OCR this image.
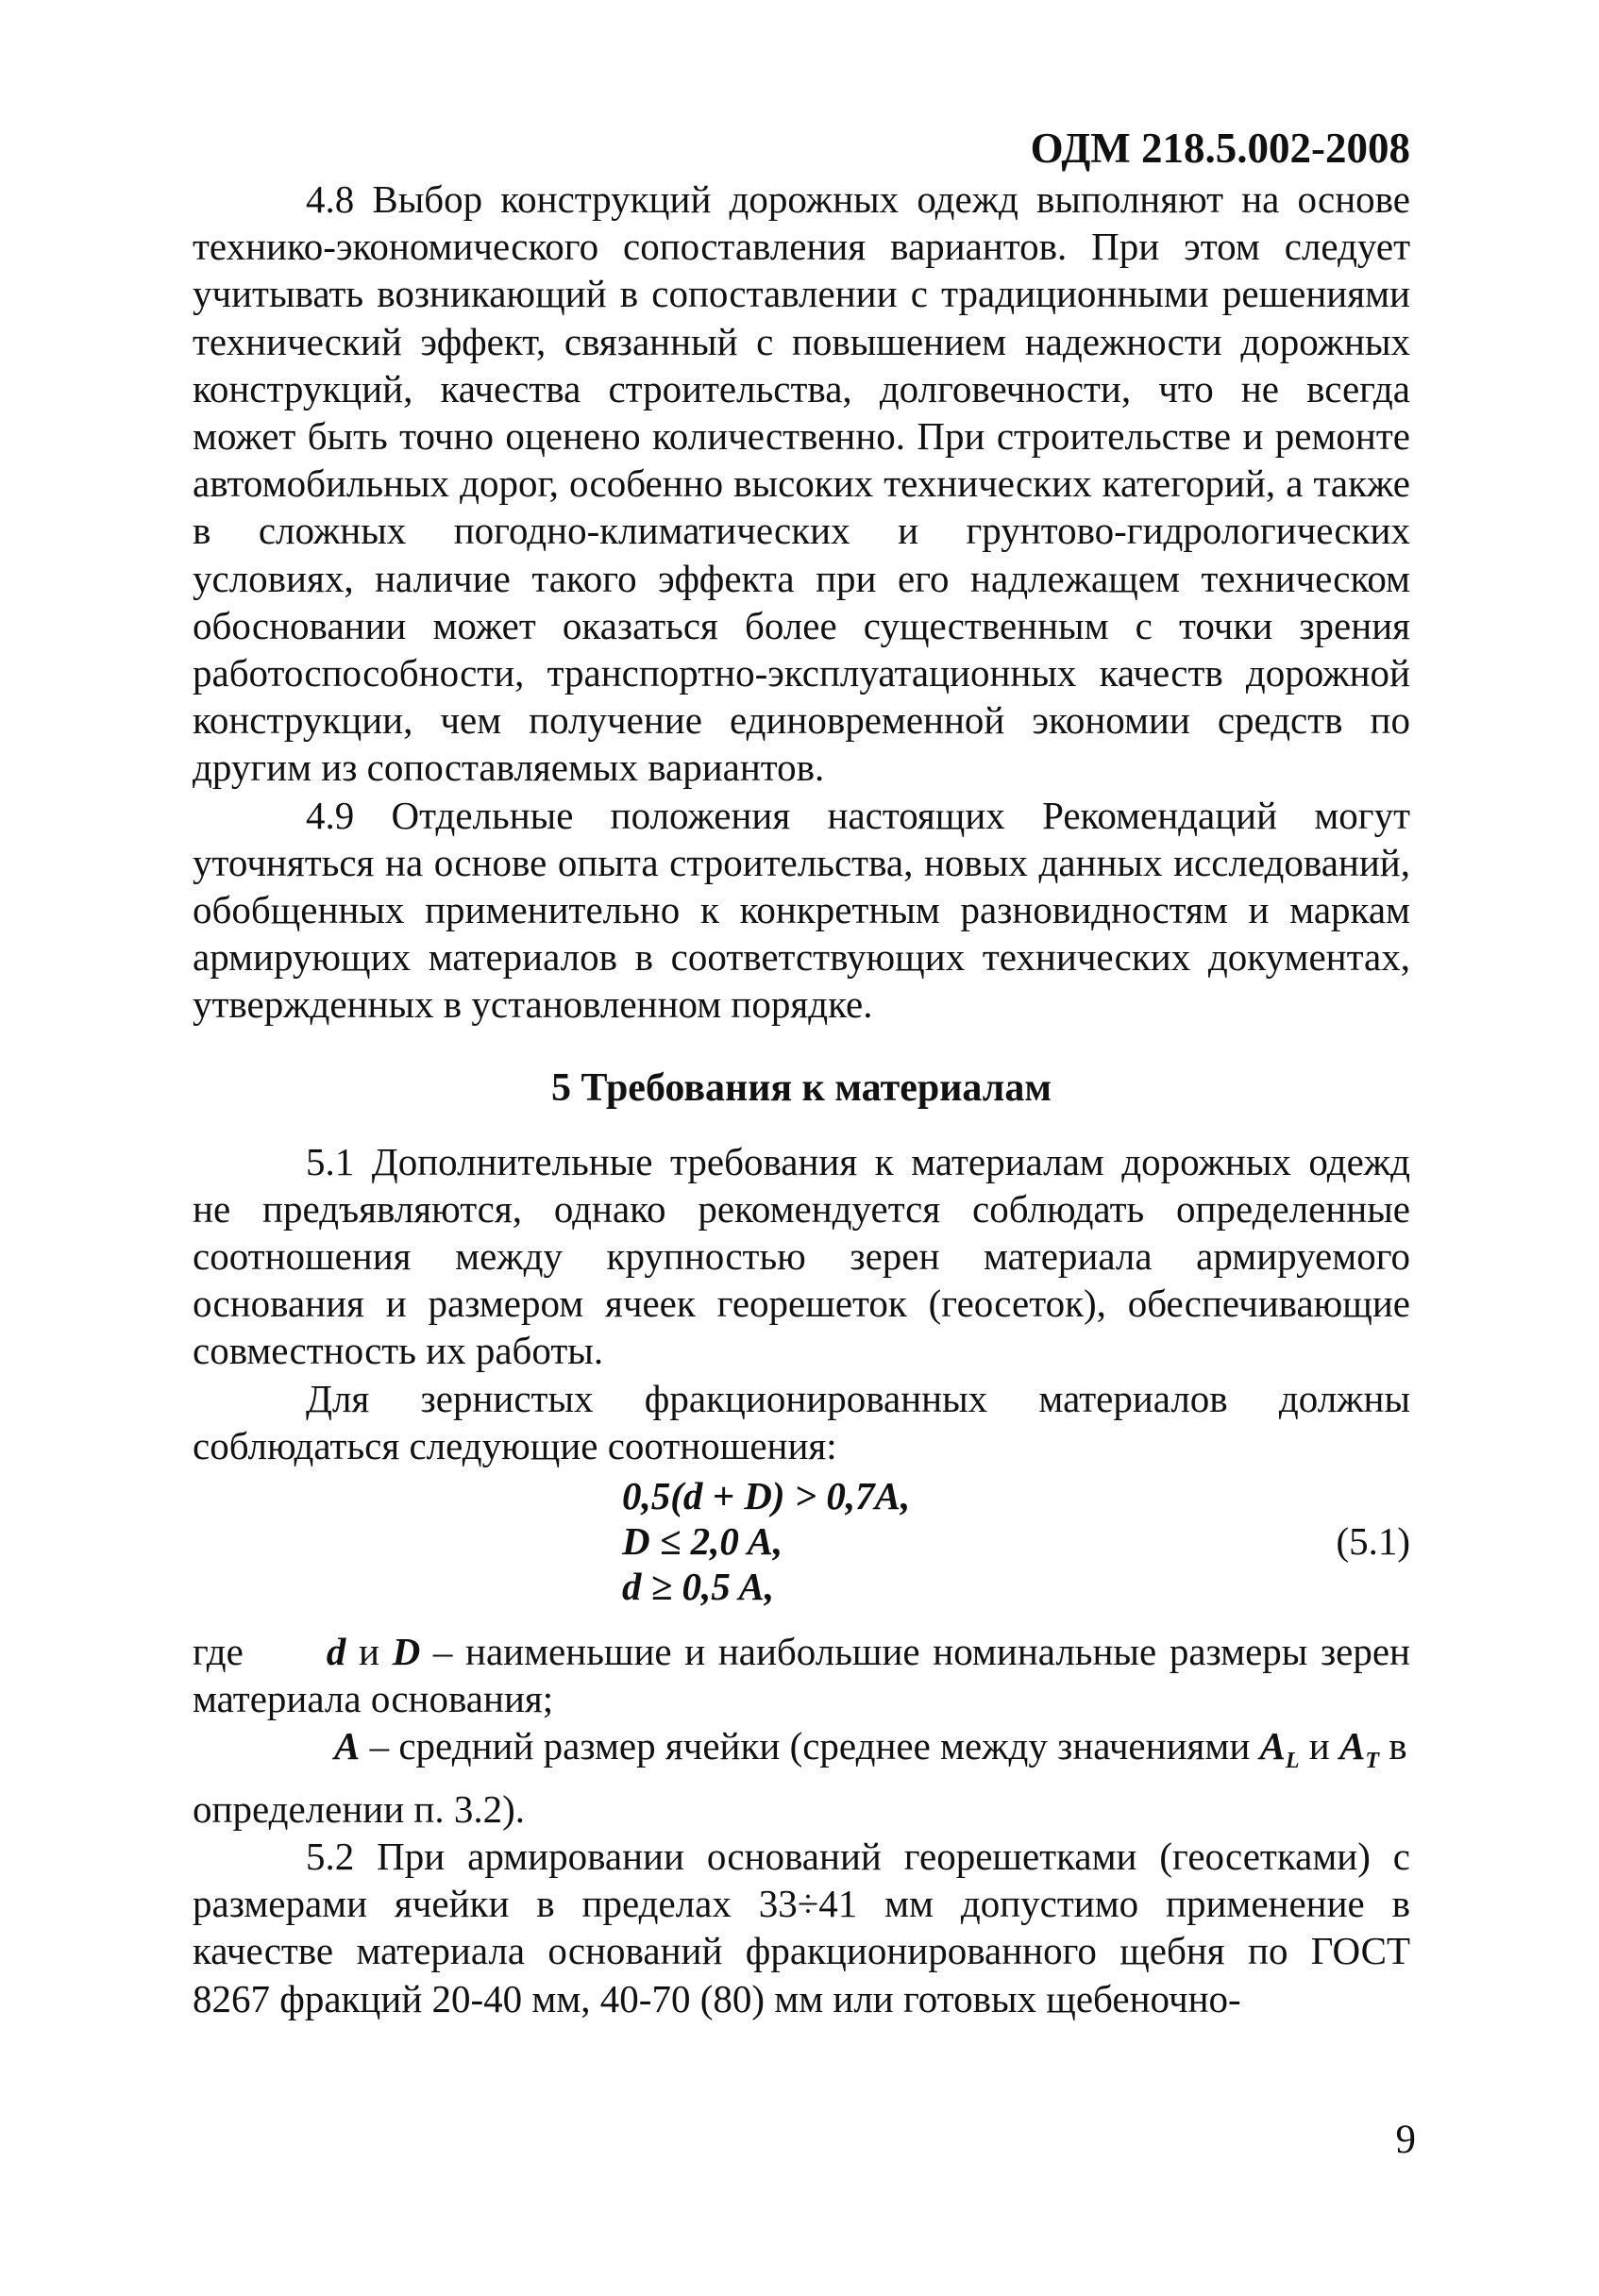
ОДМ 218.5.002-2008

4.8 Выбор конструкций дорожных одежд выполняют на основе технико-экономического сопоставления вариантов. При этом следует учитывать возникающий в сопоставлении с традиционными решениями технический эффект, связанный с повышением надежности дорожных конструкций, качества строительства, долговечности, что не всегда может быть точно оценено количественно. При строительстве и ремонте автомобильных дорог, особенно высоких технических категорий, а также в сложных погодно-климатических и грунтово-гидрологических условиях, наличие такого эффекта при его надлежащем техническом обосновании может оказаться более существенным с точки зрения работоспособности, транспортно-эксплуатационных качеств дорожной конструкции, чем получение единовременной экономии средств по другим из сопоставляемых вариантов.

4.9 Отдельные положения настоящих Рекомендаций могут уточняться на основе опыта строительства, новых данных исследований, обобщенных применительно к конкретным разновидностям и маркам армирующих материалов в соответствующих технических документах, утвержденных в установленном порядке.

5 Требования к материалам

5.1 Дополнительные требования к материалам дорожных одежд не предъявляются, однако рекомендуется соблюдать определенные соотношения между крупностью зерен материала армируемого основания и размером ячеек георешеток (геосеток), обеспечивающие совместность их работы.

Для зернистых фракционированных материалов должны соблюдаться следующие соотношения:

0,5(d + D) > 0,7A,
D ≤ 2,0 A,
d ≥ 0,5 A,
(5.1)

где d и D – наименьшие и наибольшие номинальные размеры зерен материала основания;

A – средний размер ячейки (среднее между значениями $A_L$ и $A_T$ в определении п. 3.2).

5.2 При армировании оснований георешетками (геосетками) с размерами ячейки в пределах 33÷41 мм допустимо применение в качестве материала оснований фракционированного щебня по ГОСТ 8267 фракций 20-40 мм, 40-70 (80) мм или готовых щебеночно-

9
